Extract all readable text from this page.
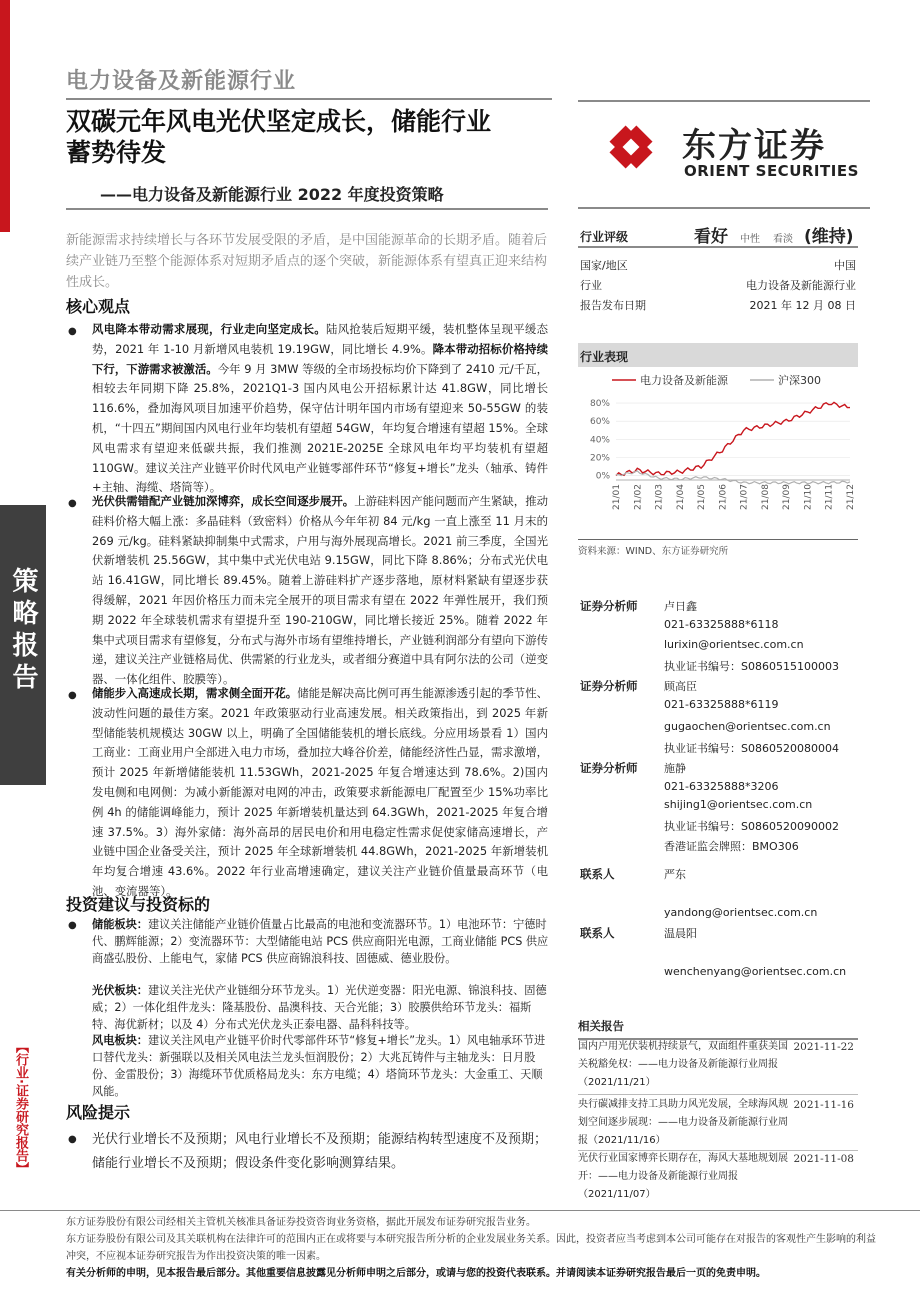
策略报告
【行业·证券研究报告】
电力设备及新能源行业
双碳元年风电光伏坚定成长，储能行业
蓄势待发
——电力设备及新能源行业 2022 年度投资策略
东方证券
ORIENT SECURITIES
新能源需求持续增长与各环节发展受限的矛盾，是中国能源革命的长期矛盾。随着后续产业链乃至整个能源体系对短期矛盾点的逐个突破，新能源体系有望真正迎来结构性成长。
核心观点
● 风电降本带动需求展现，行业走向坚定成长。陆风抢装后短期平缓，装机整体呈现平缓态势，2021 年 1-10 月新增风电装机 19.19GW，同比增长 4.9%。降本带动招标价格持续下行，下游需求被激活。今年 9 月 3MW 等级的全市场投标均价下降到了 2410 元/千瓦，相较去年同期下降 25.8%，2021Q1-3 国内风电公开招标累计达 41.8GW，同比增长 116.6%，叠加海风项目加速平价趋势，保守估计明年国内市场有望迎来 50-55GW 的装机，“十四五”期间国内风电行业年均装机有望超 54GW，年均复合增速有望超 15%。全球风电需求有望迎来低碳共振，我们推测 2021E-2025E 全球风电年均平均装机有望超 110GW。建议关注产业链平价时代风电产业链零部件环节“修复+增长”龙头（轴承、铸件+主轴、海缆、塔筒等）。
● 光伏供需错配产业链加深博弈，成长空间逐步展开。上游硅料因产能问题而产生紧缺，推动硅料价格大幅上涨：多晶硅料（致密料）价格从今年年初 84 元/kg 一直上涨至 11 月末的 269 元/kg。硅料紧缺抑制集中式需求，户用与海外展现高增长。2021 前三季度，全国光伏新增装机 25.56GW，其中集中式光伏电站 9.15GW，同比下降 8.86%；分布式光伏电站 16.41GW，同比增长 89.45%。随着上游硅料扩产逐步落地，原材料紧缺有望逐步获得缓解，2021 年因价格压力而未完全展开的项目需求有望在 2022 年弹性展开，我们预期 2022 年全球装机需求有望提升至 190-210GW，同比增长接近 25%。随着 2022 年集中式项目需求有望修复，分布式与海外市场有望维持增长，产业链利润部分有望向下游传递，建议关注产业链格局优、供需紧的行业龙头，或者细分赛道中具有阿尔法的公司（逆变器、一体化组件、胶膜等）。
● 储能步入高速成长期，需求侧全面开花。储能是解决高比例可再生能源渗透引起的季节性、波动性问题的最佳方案。2021 年政策驱动行业高速发展。相关政策指出，到 2025 年新型储能装机规模达 30GW 以上，明确了全国储能装机的增长底线。分应用场景看 1）国内工商业：工商业用户全部进入电力市场，叠加拉大峰谷价差，储能经济性凸显，需求激增，预计 2025 年新增储能装机 11.53GWh，2021-2025 年复合增速达到 78.6%。2)国内发电侧和电网侧：为减小新能源对电网的冲击，政策要求新能源电厂配置至少 15%功率比例 4h 的储能调峰能力，预计 2025 年新增装机量达到 64.3GWh，2021-2025 年复合增速 37.5%。3）海外家储：海外高昂的居民电价和用电稳定性需求促使家储高速增长，产业链中国企业备受关注，预计 2025 年全球新增装机 44.8GWh，2021-2025 年新增装机年均复合增速 43.6%。2022 年行业高增速确定，建议关注产业链价值量最高环节（电池、变流器等）。
投资建议与投资标的
● 储能板块：建议关注储能产业链价值量占比最高的电池和变流器环节。1）电池环节：宁德时代、鹏辉能源；2）变流器环节：大型储能电站 PCS 供应商阳光电源，工商业储能 PCS 供应商盛弘股份、上能电气，家储 PCS 供应商锦浪科技、固德威、德业股份。
光伏板块：建议关注光伏产业链细分环节龙头。1）光伏逆变器：阳光电源、锦浪科技、固德威；2）一体化组件龙头：隆基股份、晶澳科技、天合光能；3）胶膜供给环节龙头：福斯特、海优新材；以及 4）分布式光伏龙头正泰电器、晶科科技等。
风电板块：建议关注风电产业链平价时代零部件环节“修复+增长”龙头。1）风电轴承环节进口替代龙头：新强联以及相关风电法兰龙头恒润股份；2）大兆瓦铸件与主轴龙头：日月股份、金雷股份；3）海缆环节优质格局龙头：东方电缆；4）塔筒环节龙头：大金重工、天顺风能。
风险提示
● 光伏行业增长不及预期；风电行业增长不及预期；能源结构转型速度不及预期；储能行业增长不及预期；假设条件变化影响测算结果。
行业评级	看好 中性 看淡 (维持)
国家/地区	中国
行业	电力设备及新能源行业
报告发布日期	2021 年 12 月 08 日
行业表现
电力设备及新能源	沪深300
0%
20%
40%
60%
80%
21/01 21/02 21/03 21/04 21/05 21/06 21/07 21/08 21/09 21/10 21/11 21/12
资料来源：WIND、东方证券研究所
证券分析师 卢日鑫
021-63325888*6118
lurixin@orientsec.com.cn
执业证书编号：S0860515100003
证券分析师 顾高臣
021-63325888*6119
gugaochen@orientsec.com.cn
执业证书编号：S0860520080004
证券分析师 施静
021-63325888*3206
shijing1@orientsec.com.cn
执业证书编号：S0860520090002
香港证监会牌照：BMO306
联系人	严东
yandong@orientsec.com.cn
联系人	温晨阳
wenchenyang@orientsec.com.cn
相关报告
国内户用光伏装机持续景气，双面组件重获美国关税豁免权：——电力设备及新能源行业周报（2021/11/21）
2021-11-22
央行碳减排支持工具助力风光发展，全球海风规划空间逐步展现：——电力设备及新能源行业周报（2021/11/16）
2021-11-16
光伏行业国家博弈长期存在，海风大基地规划展开：——电力设备及新能源行业周报（2021/11/07）
2021-11-08
东方证券股份有限公司经相关主管机关核准具备证券投资咨询业务资格，据此开展发布证券研究报告业务。
东方证券股份有限公司及其关联机构在法律许可的范围内正在或将要与本研究报告所分析的企业发展业务关系。因此，投资者应当考虑到本公司可能存在对报告的客观性产生影响的利益冲突，不应视本证券研究报告为作出投资决策的唯一因素。
有关分析师的申明，见本报告最后部分。其他重要信息披露见分析师申明之后部分，或请与您的投资代表联系。并请阅读本证券研究报告最后一页的免责申明。
